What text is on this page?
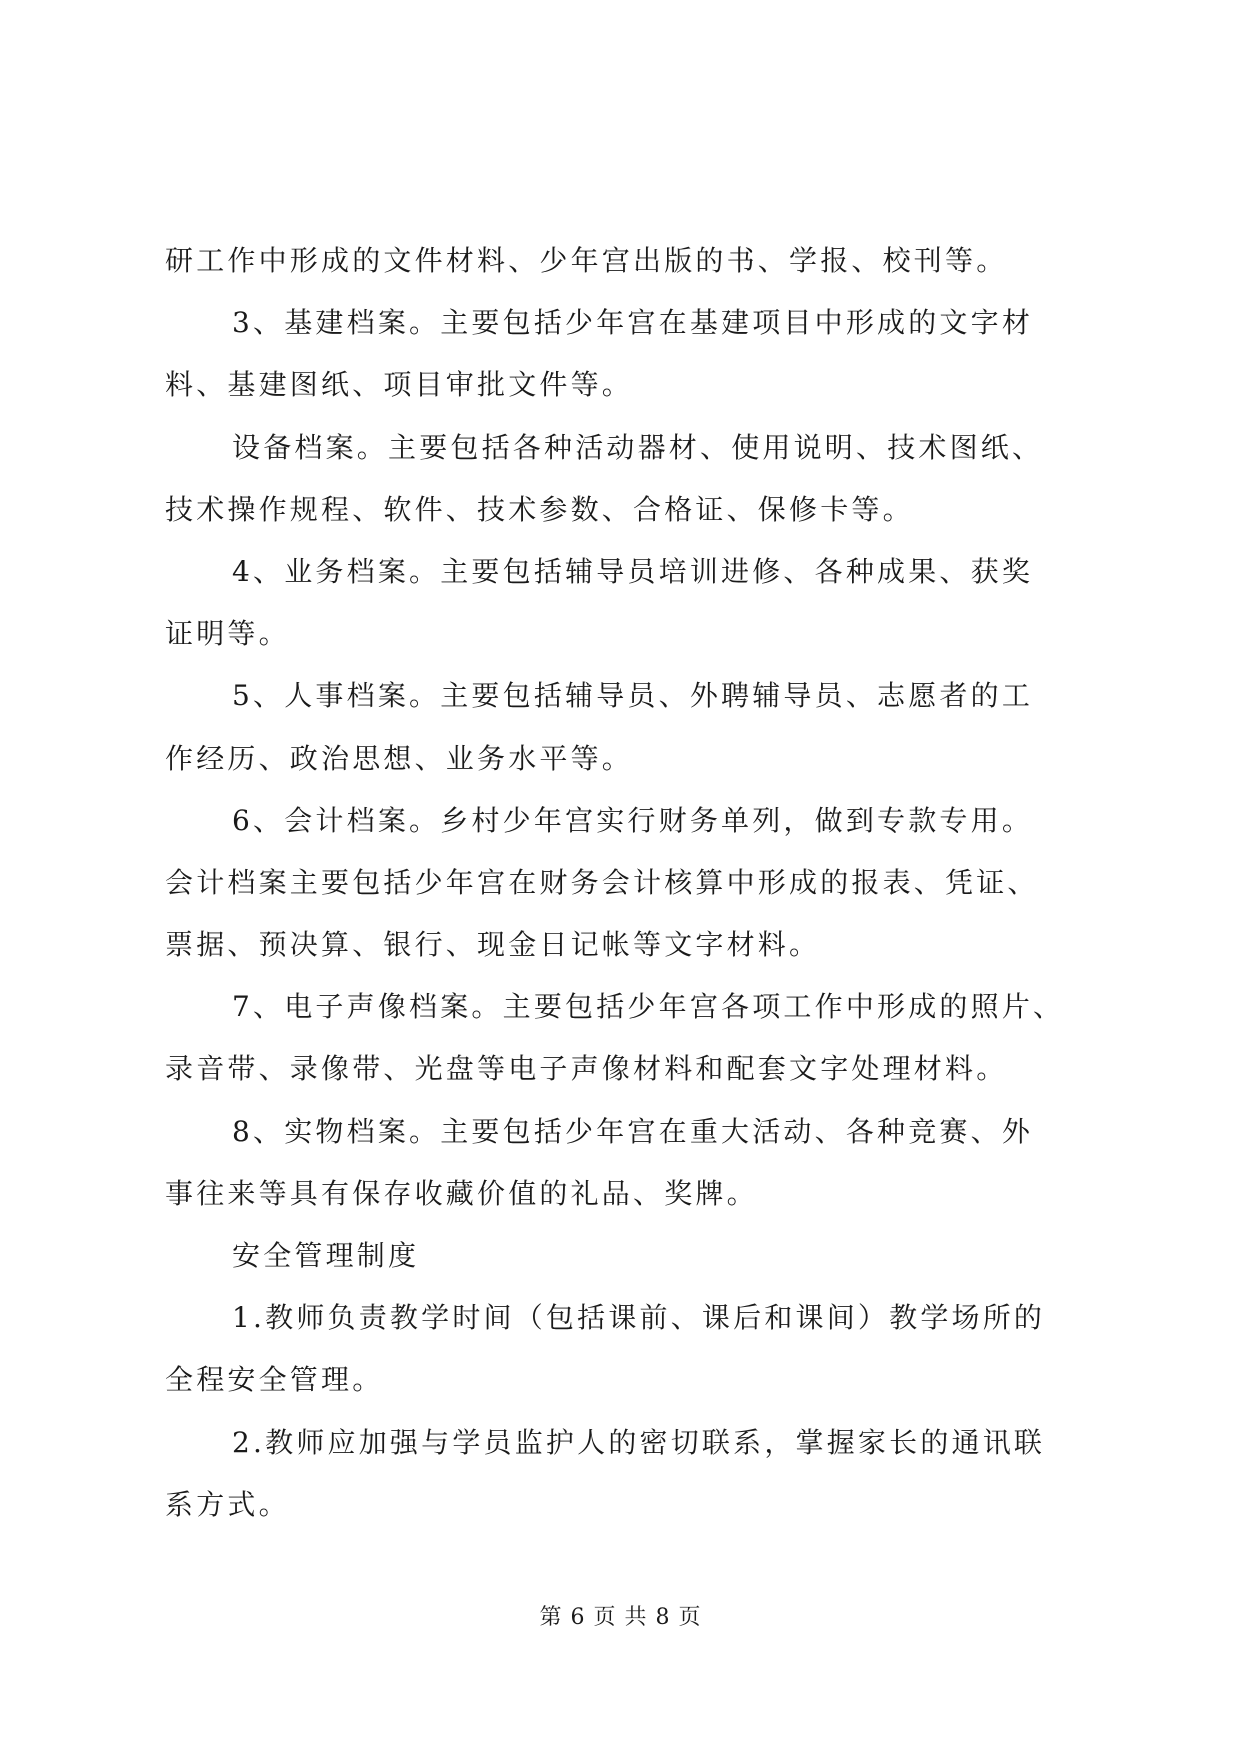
研工作中形成的文件材料、少年宫出版的书、学报、校刊等。
3、基建档案。主要包括少年宫在基建项目中形成的文字材
料、基建图纸、项目审批文件等。
设备档案。主要包括各种活动器材、使用说明、技术图纸、
技术操作规程、软件、技术参数、合格证、保修卡等。
4、业务档案。主要包括辅导员培训进修、各种成果、获奖
证明等。
5、人事档案。主要包括辅导员、外聘辅导员、志愿者的工
作经历、政治思想、业务水平等。
6、会计档案。乡村少年宫实行财务单列，做到专款专用。
会计档案主要包括少年宫在财务会计核算中形成的报表、凭证、
票据、预决算、银行、现金日记帐等文字材料。
7、电子声像档案。主要包括少年宫各项工作中形成的照片、
录音带、录像带、光盘等电子声像材料和配套文字处理材料。
8、实物档案。主要包括少年宫在重大活动、各种竞赛、外
事往来等具有保存收藏价值的礼品、奖牌。
安全管理制度
1.教师负责教学时间（包括课前、课后和课间）教学场所的
全程安全管理。
2.教师应加强与学员监护人的密切联系，掌握家长的通讯联
系方式。
第 6 页 共 8 页
